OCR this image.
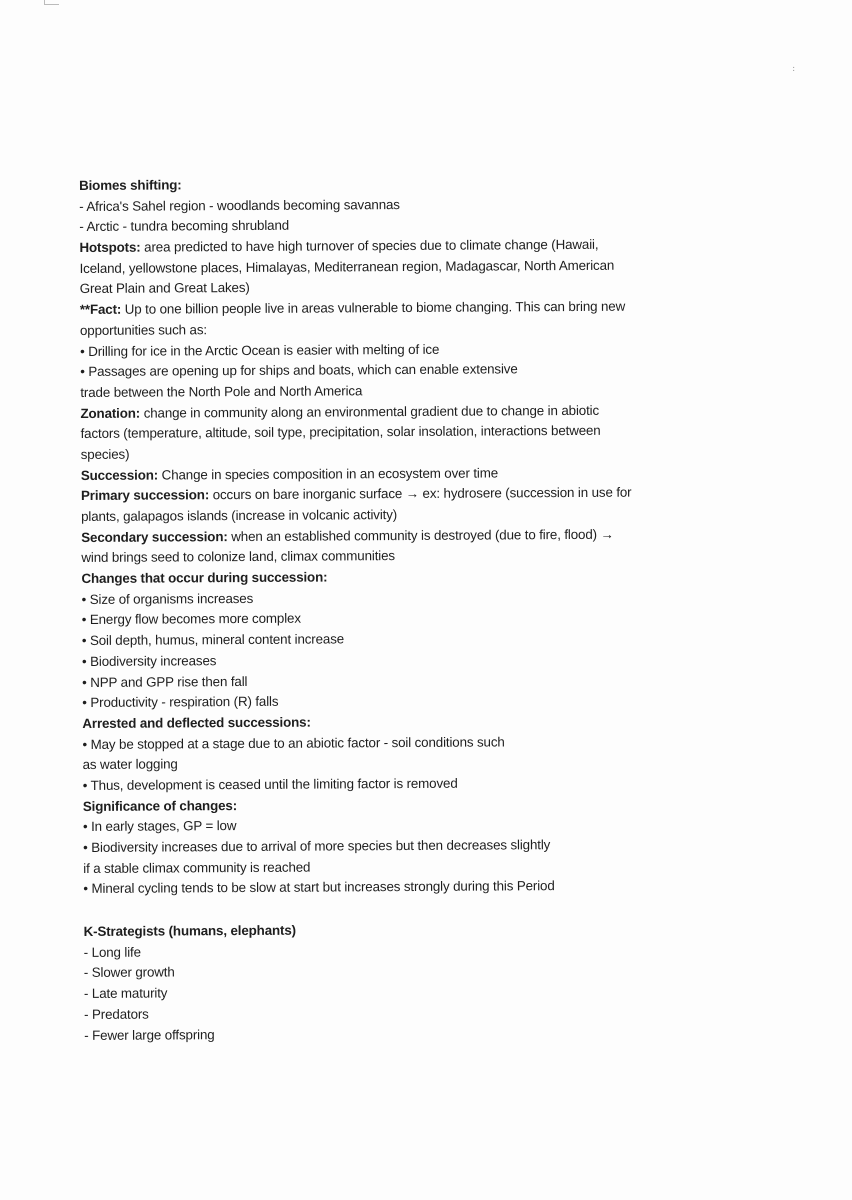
· ·
Biomes shifting:
- Africa's Sahel region - woodlands becoming savannas
- Arctic - tundra becoming shrubland
Hotspots: area predicted to have high turnover of species due to climate change (Hawaii,
Iceland, yellowstone places, Himalayas, Mediterranean region, Madagascar, North American
Great Plain and Great Lakes)
**Fact: Up to one billion people live in areas vulnerable to biome changing. This can bring new
opportunities such as:
• Drilling for ice in the Arctic Ocean is easier with melting of ice
• Passages are opening up for ships and boats, which can enable extensive
trade between the North Pole and North America
Zonation: change in community along an environmental gradient due to change in abiotic
factors (temperature, altitude, soil type, precipitation, solar insolation, interactions between
species)
Succession: Change in species composition in an ecosystem over time
Primary succession: occurs on bare inorganic surface → ex: hydrosere (succession in use for
plants, galapagos islands (increase in volcanic activity)
Secondary succession: when an established community is destroyed (due to fire, flood) →
wind brings seed to colonize land, climax communities
Changes that occur during succession:
• Size of organisms increases
• Energy flow becomes more complex
• Soil depth, humus, mineral content increase
• Biodiversity increases
• NPP and GPP rise then fall
• Productivity - respiration (R) falls
Arrested and deflected successions:
• May be stopped at a stage due to an abiotic factor - soil conditions such
as water logging
• Thus, development is ceased until the limiting factor is removed
Significance of changes:
• In early stages, GP = low
• Biodiversity increases due to arrival of more species but then decreases slightly
if a stable climax community is reached
• Mineral cycling tends to be slow at start but increases strongly during this Period
K-Strategists (humans, elephants)
- Long life
- Slower growth
- Late maturity
- Predators
- Fewer large offspring
